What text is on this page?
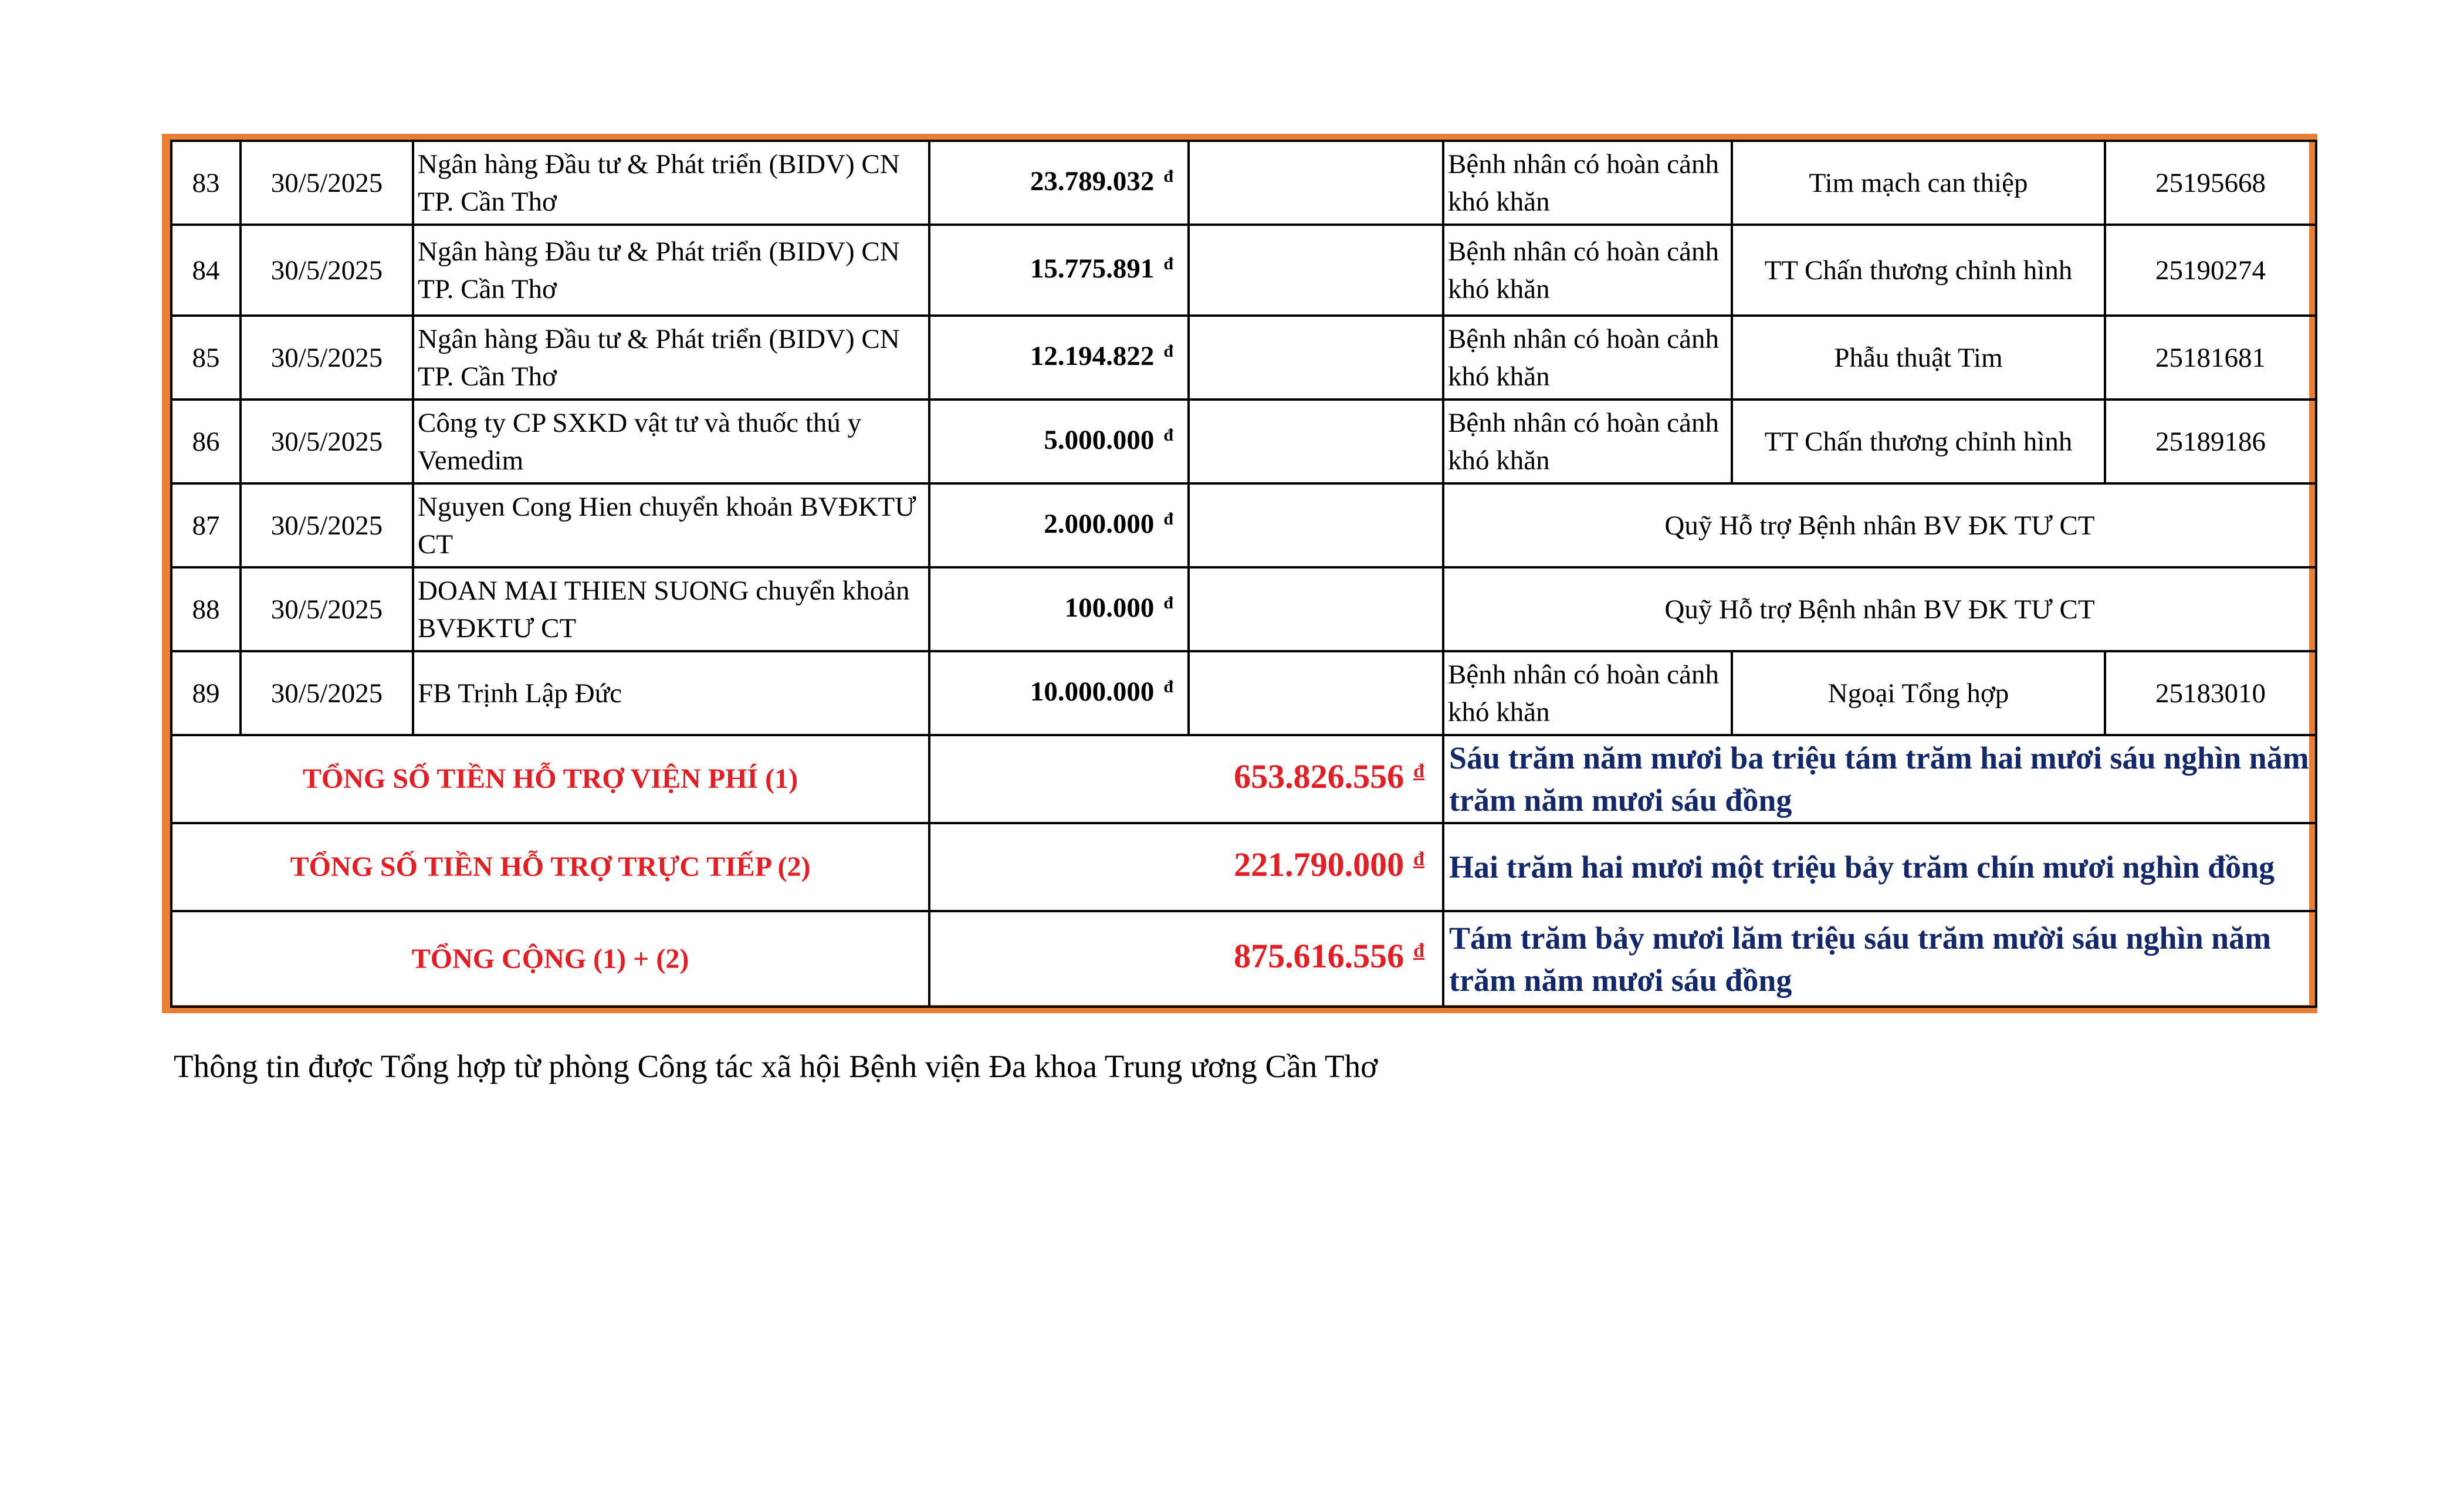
83	30/5/2025	Ngân hàng Đầu tư & Phát triển (BIDV) CN TP. Cần Thơ	23.789.032 $^đ$		Bệnh nhân có hoàn cảnh khó khăn	Tim mạch can thiệp	25195668
84	30/5/2025	Ngân hàng Đầu tư & Phát triển (BIDV) CN TP. Cần Thơ	15.775.891 $^đ$		Bệnh nhân có hoàn cảnh khó khăn	TT Chấn thương chỉnh hình	25190274
85	30/5/2025	Ngân hàng Đầu tư & Phát triển (BIDV) CN TP. Cần Thơ	12.194.822 $^đ$		Bệnh nhân có hoàn cảnh khó khăn	Phẫu thuật Tim	25181681
86	30/5/2025	Công ty CP SXKD vật tư và thuốc thú y Vemedim	5.000.000 $^đ$		Bệnh nhân có hoàn cảnh khó khăn	TT Chấn thương chỉnh hình	25189186
87	30/5/2025	Nguyen Cong Hien chuyển khoản BVĐKTƯ CT	2.000.000 $^đ$		Quỹ Hỗ trợ Bệnh nhân BV ĐK TƯ CT		
88	30/5/2025	DOAN MAI THIEN SUONG chuyển khoản BVĐKTƯ CT	100.000 $^đ$		Quỹ Hỗ trợ Bệnh nhân BV ĐK TƯ CT		
89	30/5/2025	FB Trịnh Lập Đức	10.000.000 $^đ$		Bệnh nhân có hoàn cảnh khó khăn	Ngoại Tổng hợp	25183010
TỔNG SỐ TIỀN HỖ TRỢ VIỆN PHÍ (1)			653.826.556 $^đ$		Sáu trăm năm mươi ba triệu tám trăm hai mươi sáu nghìn năm trăm năm mươi sáu đồng		
TỔNG SỐ TIỀN HỖ TRỢ TRỰC TIẾP (2)			221.790.000 $^đ$		Hai trăm hai mươi một triệu bảy trăm chín mươi nghìn đồng		
TỔNG CỘNG (1) + (2)			875.616.556 $^đ$		Tám trăm bảy mươi lăm triệu sáu trăm mười sáu nghìn năm trăm năm mươi sáu đồng		
Thông tin được Tổng hợp từ phòng Công tác xã hội Bệnh viện Đa khoa Trung ương Cần Thơ
